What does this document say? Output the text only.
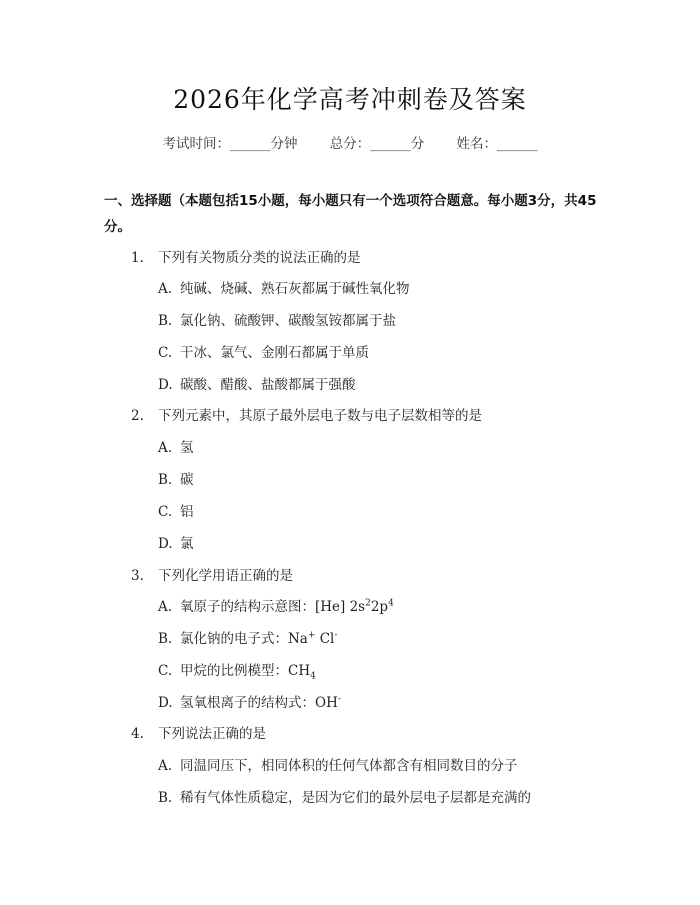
2026年化学高考冲刺卷及答案
考试时间：______分钟 总分：______分 姓名：______
一、选择题（本题包括15小题，每小题只有一个选项符合题意。每小题3分，共45分。
1. 下列有关物质分类的说法正确的是
A. 纯碱、烧碱、熟石灰都属于碱性氧化物
B. 氯化钠、硫酸钾、碳酸氢铵都属于盐
C. 干冰、氯气、金刚石都属于单质
D. 碳酸、醋酸、盐酸都属于强酸
2. 下列元素中，其原子最外层电子数与电子层数相等的是
A. 氢
B. 碳
C. 铝
D. 氯
3. 下列化学用语正确的是
A. 氧原子的结构示意图：[He] $2s^22p^4$
B. 氯化钠的电子式：Na+ Cl-
C. 甲烷的比例模型：$CH_4$
D. 氢氧根离子的结构式：OH-
4. 下列说法正确的是
A. 同温同压下，相同体积的任何气体都含有相同数目的分子
B. 稀有气体性质稳定，是因为它们的最外层电子层都是充满的
